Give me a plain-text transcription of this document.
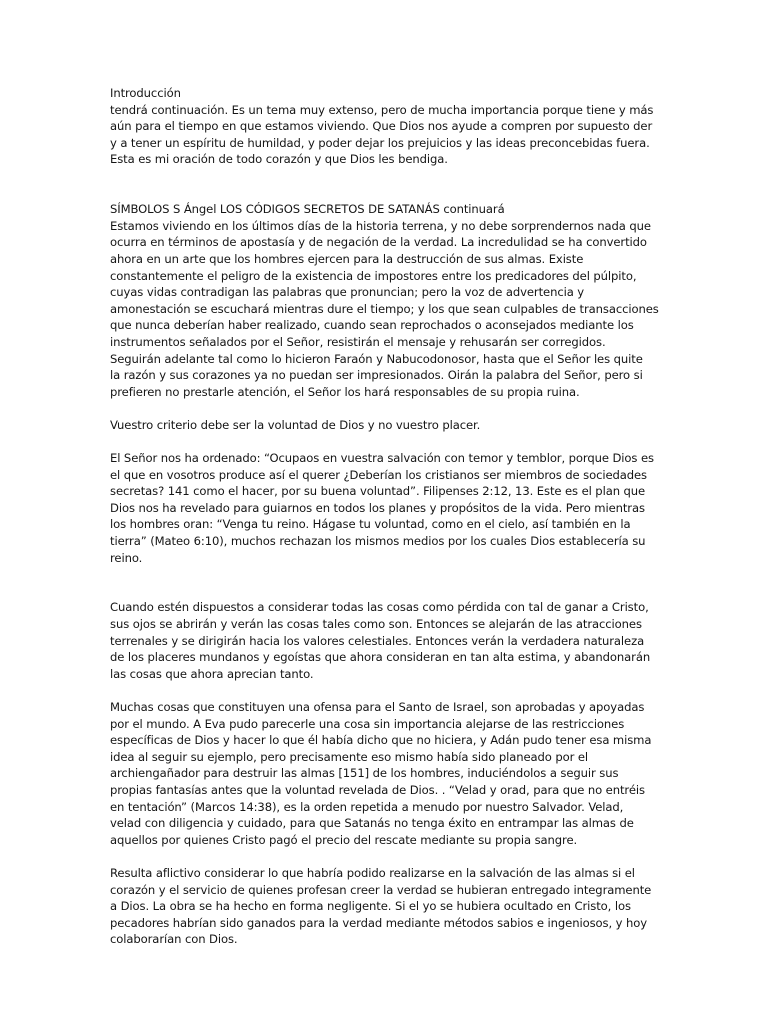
Introducción
tendrá continuación. Es un tema muy extenso, pero de mucha importancia porque tiene y más
aún para el tiempo en que estamos viviendo. Que Dios nos ayude a compren por supuesto der
y a tener un espíritu de humildad, y poder dejar los prejuicios y las ideas preconcebidas fuera.
Esta es mi oración de todo corazón y que Dios les bendiga.
SÍMBOLOS S Ángel LOS CÓDIGOS SECRETOS DE SATANÁS continuará
Estamos viviendo en los últimos días de la historia terrena, y no debe sorprendernos nada que
ocurra en términos de apostasía y de negación de la verdad. La incredulidad se ha convertido
ahora en un arte que los hombres ejercen para la destrucción de sus almas. Existe
constantemente el peligro de la existencia de impostores entre los predicadores del púlpito,
cuyas vidas contradigan las palabras que pronuncian; pero la voz de advertencia y
amonestación se escuchará mientras dure el tiempo; y los que sean culpables de transacciones
que nunca deberían haber realizado, cuando sean reprochados o aconsejados mediante los
instrumentos señalados por el Señor, resistirán el mensaje y rehusarán ser corregidos.
Seguirán adelante tal como lo hicieron Faraón y Nabucodonosor, hasta que el Señor les quite
la razón y sus corazones ya no puedan ser impresionados. Oirán la palabra del Señor, pero si
prefieren no prestarle atención, el Señor los hará responsables de su propia ruina.
Vuestro criterio debe ser la voluntad de Dios y no vuestro placer.
El Señor nos ha ordenado: “Ocupaos en vuestra salvación con temor y temblor, porque Dios es
el que en vosotros produce así el querer ¿Deberían los cristianos ser miembros de sociedades
secretas? 141 como el hacer, por su buena voluntad”. Filipenses 2:12, 13. Este es el plan que
Dios nos ha revelado para guiarnos en todos los planes y propósitos de la vida. Pero mientras
los hombres oran: “Venga tu reino. Hágase tu voluntad, como en el cielo, así también en la
tierra” (Mateo 6:10), muchos rechazan los mismos medios por los cuales Dios establecería su
reino.
Cuando estén dispuestos a considerar todas las cosas como pérdida con tal de ganar a Cristo,
sus ojos se abrirán y verán las cosas tales como son. Entonces se alejarán de las atracciones
terrenales y se dirigirán hacia los valores celestiales. Entonces verán la verdadera naturaleza
de los placeres mundanos y egoístas que ahora consideran en tan alta estima, y abandonarán
las cosas que ahora aprecian tanto.
Muchas cosas que constituyen una ofensa para el Santo de Israel, son aprobadas y apoyadas
por el mundo. A Eva pudo parecerle una cosa sin importancia alejarse de las restricciones
específicas de Dios y hacer lo que él había dicho que no hiciera, y Adán pudo tener esa misma
idea al seguir su ejemplo, pero precisamente eso mismo había sido planeado por el
archiengañador para destruir las almas [151] de los hombres, induciéndolos a seguir sus
propias fantasías antes que la voluntad revelada de Dios. . “Velad y orad, para que no entréis
en tentación” (Marcos 14:38), es la orden repetida a menudo por nuestro Salvador. Velad,
velad con diligencia y cuidado, para que Satanás no tenga éxito en entrampar las almas de
aquellos por quienes Cristo pagó el precio del rescate mediante su propia sangre.
Resulta aflictivo considerar lo que habría podido realizarse en la salvación de las almas si el
corazón y el servicio de quienes profesan creer la verdad se hubieran entregado integramente
a Dios. La obra se ha hecho en forma negligente. Si el yo se hubiera ocultado en Cristo, los
pecadores habrían sido ganados para la verdad mediante métodos sabios e ingeniosos, y hoy
colaborarían con Dios.
